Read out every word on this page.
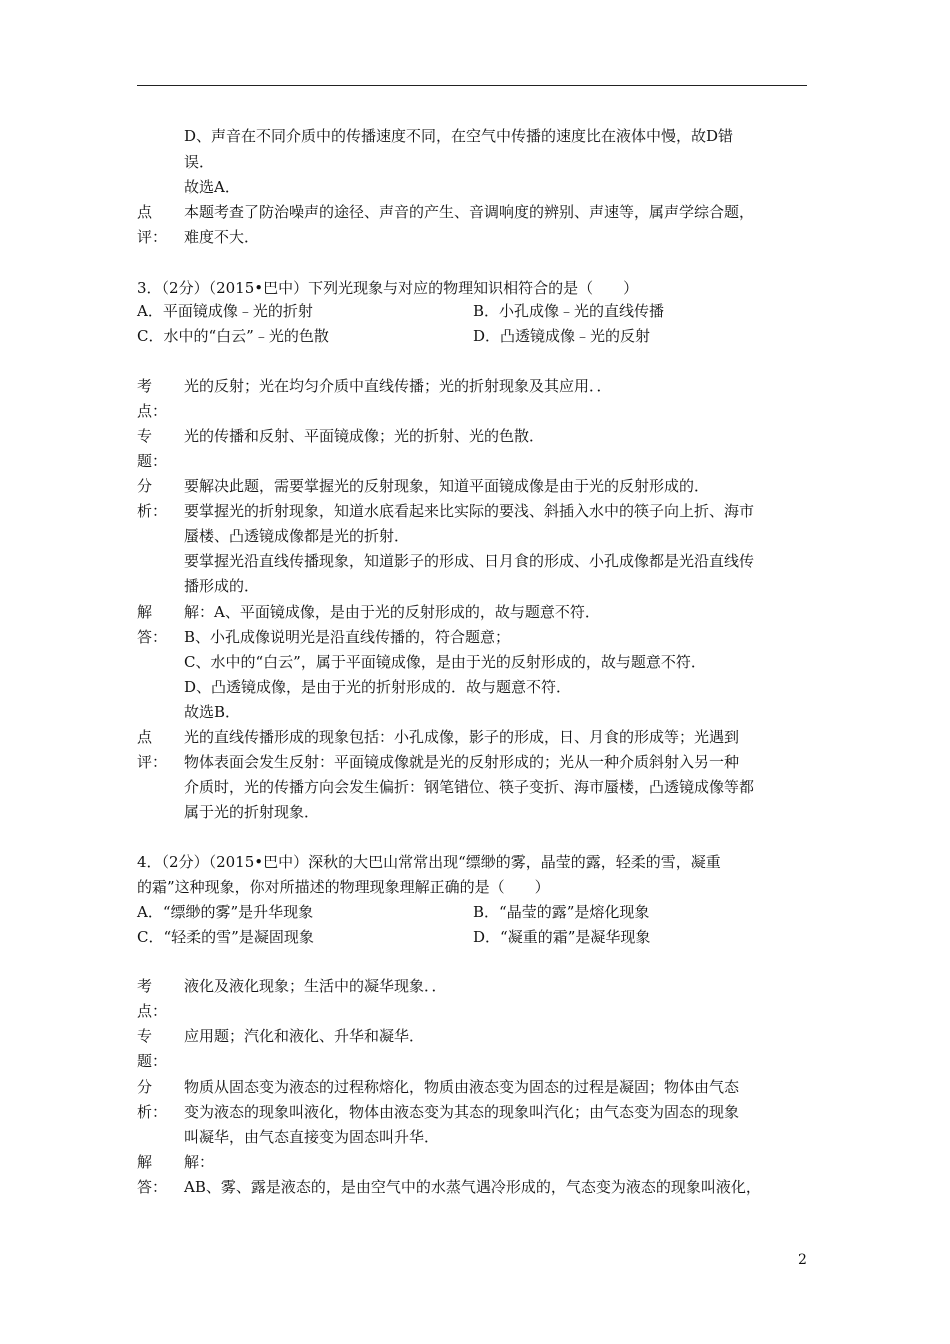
D、声音在不同介质中的传播速度不同，在空气中传播的速度比在液体中慢，故D错
误．
故选A．
点 本题考查了防治噪声的途径、声音的产生、音调响度的辨别、声速等，属声学综合题，
评： 难度不大．
3．（2分）（2015•巴中）下列光现象与对应的物理知识相符合的是（　　）
A．平面镜成像﹣光的折射	B．小孔成像﹣光的直线传播
C．水中的“白云”﹣光的色散	D．凸透镜成像﹣光的反射
考 光的反射；光在均匀介质中直线传播；光的折射现象及其应用．．
点：
专 光的传播和反射、平面镜成像；光的折射、光的色散．
题：
分 要解决此题，需要掌握光的反射现象，知道平面镜成像是由于光的反射形成的．
析： 要掌握光的折射现象，知道水底看起来比实际的要浅、斜插入水中的筷子向上折、海市
蜃楼、凸透镜成像都是光的折射．
要掌握光沿直线传播现象，知道影子的形成、日月食的形成、小孔成像都是光沿直线传
播形成的．
解 解：A、平面镜成像，是由于光的反射形成的，故与题意不符．
答： B、小孔成像说明光是沿直线传播的，符合题意；
C、水中的“白云”，属于平面镜成像，是由于光的反射形成的，故与题意不符．
D、凸透镜成像，是由于光的折射形成的．故与题意不符．
故选B．
点 光的直线传播形成的现象包括：小孔成像，影子的形成，日、月食的形成等；光遇到
评： 物体表面会发生反射：平面镜成像就是光的反射形成的；光从一种介质斜射入另一种
介质时，光的传播方向会发生偏折：钢笔错位、筷子变折、海市蜃楼，凸透镜成像等都
属于光的折射现象．
4．（2分）（2015•巴中）深秋的大巴山常常出现“缥缈的雾，晶莹的露，轻柔的雪，凝重
的霜”这种现象，你对所描述的物理现象理解正确的是（　　）
A．“缥缈的雾”是升华现象	B．“晶莹的露”是熔化现象
C．“轻柔的雪”是凝固现象	D．“凝重的霜”是凝华现象
考 液化及液化现象；生活中的凝华现象．．
点：
专 应用题；汽化和液化、升华和凝华．
题：
分 物质从固态变为液态的过程称熔化，物质由液态变为固态的过程是凝固；物体由气态
析： 变为液态的现象叫液化，物体由液态变为其态的现象叫汽化；由气态变为固态的现象
叫凝华，由气态直接变为固态叫升华．
解 解：
答： AB、雾、露是液态的，是由空气中的水蒸气遇冷形成的，气态变为液态的现象叫液化，
2
